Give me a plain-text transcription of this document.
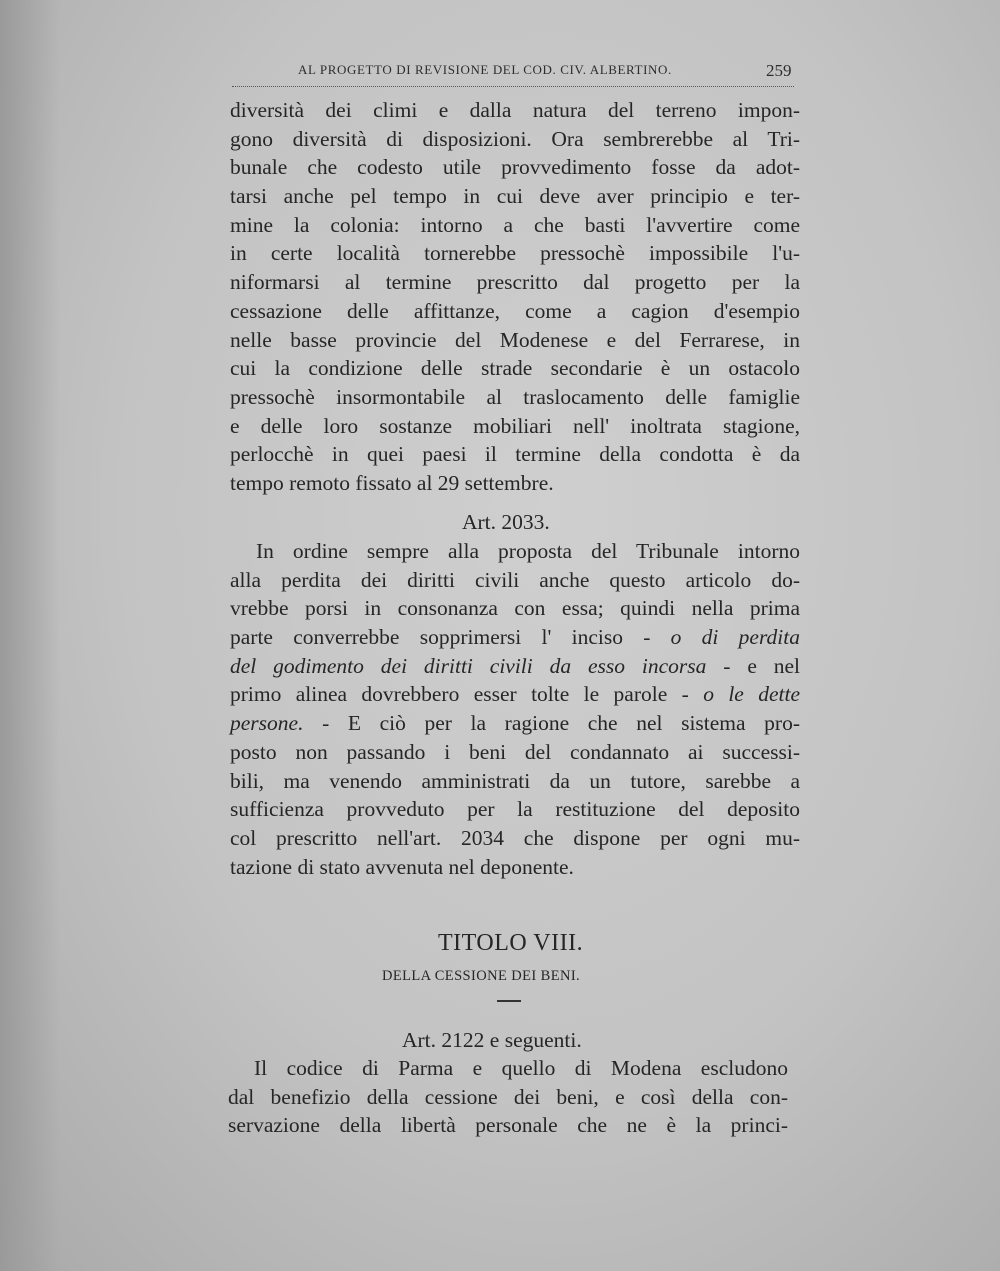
AL PROGETTO DI REVISIONE DEL COD. CIV. ALBERTINO.	259
diversità dei climi e dalla natura del terreno impon-
gono diversità di disposizioni. Ora sembrerebbe al Tri-
bunale che codesto utile provvedimento fosse da adot-
tarsi anche pel tempo in cui deve aver principio e ter-
mine la colonia: intorno a che basti l'avvertire come
in certe località tornerebbe pressochè impossibile l'u-
niformarsi al termine prescritto dal progetto per la
cessazione delle affittanze, come a cagion d'esempio
nelle basse provincie del Modenese e del Ferrarese, in
cui la condizione delle strade secondarie è un ostacolo
pressochè insormontabile al traslocamento delle famiglie
e delle loro sostanze mobiliari nell' inoltrata stagione,
perlocchè in quei paesi il termine della condotta è da
tempo remoto fissato al 29 settembre.
Art. 2033.
In ordine sempre alla proposta del Tribunale intorno
alla perdita dei diritti civili anche questo articolo do-
vrebbe porsi in consonanza con essa; quindi nella prima
parte converrebbe sopprimersi l' inciso - o di perdita
del godimento dei diritti civili da esso incorsa - e nel
primo alinea dovrebbero esser tolte le parole - o le dette
persone. - E ciò per la ragione che nel sistema pro-
posto non passando i beni del condannato ai successi-
bili, ma venendo amministrati da un tutore, sarebbe a
sufficienza provveduto per la restituzione del deposito
col prescritto nell'art. 2034 che dispone per ogni mu-
tazione di stato avvenuta nel deponente.
TITOLO VIII.
DELLA CESSIONE DEI BENI.
Art. 2122 e seguenti.
Il codice di Parma e quello di Modena escludono
dal benefizio della cessione dei beni, e così della con-
servazione della libertà personale che ne è la princi-
